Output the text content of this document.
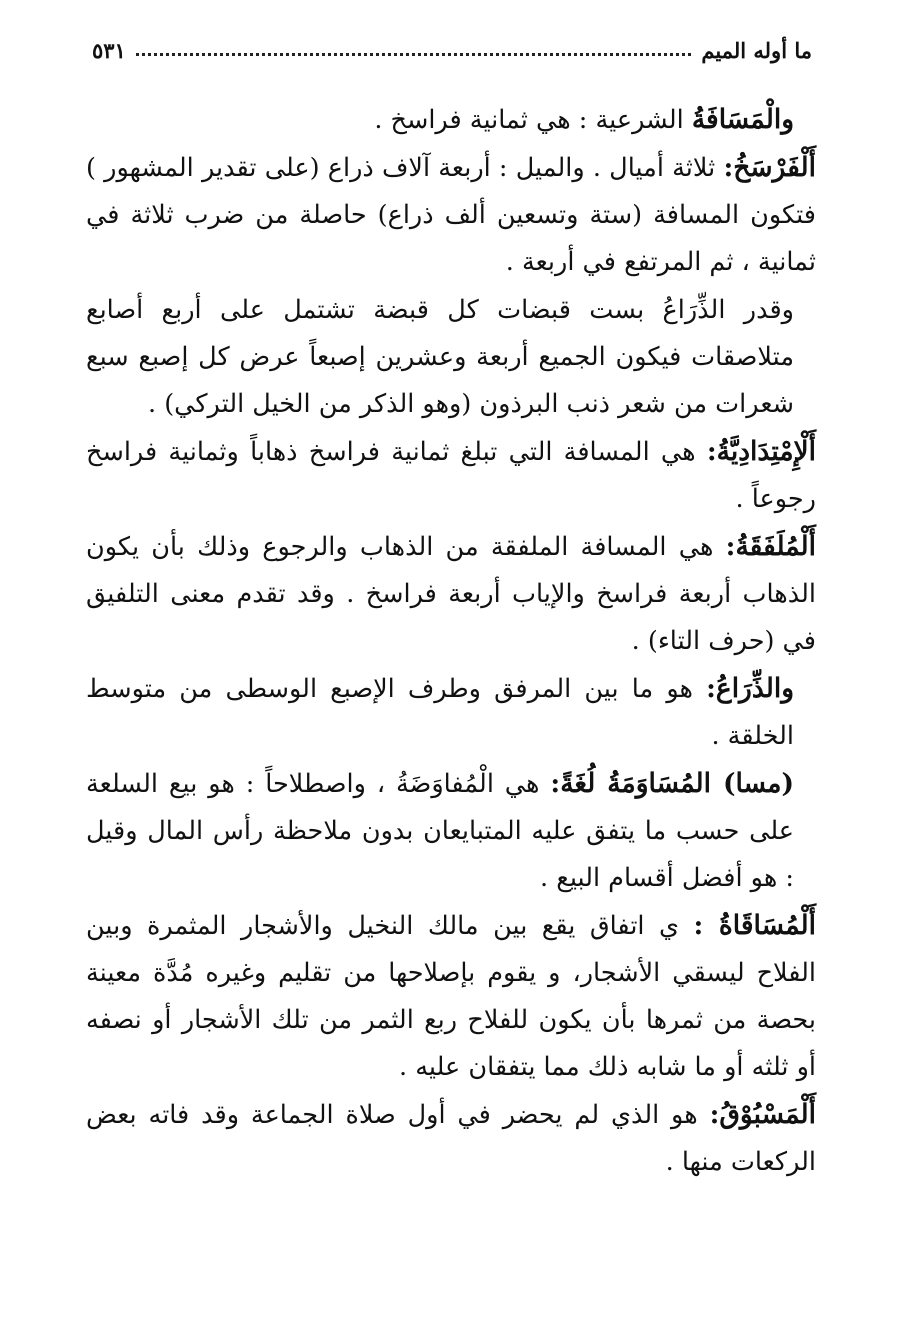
ما أوله الميم
٥٣١

والْمَسَافَةُ الشرعية : هي ثمانية فراسخ .

أَلْفَرْسَخُ: ثلاثة أميال . والميل : أربعة آلاف ذراع (على تقدير المشهور ) فتكون المسافة (ستة وتسعين ألف ذراع) حاصلة من ضرب ثلاثة في ثمانية ، ثم المرتفع في أربعة .

وقدر الذِّرَاعُ بست قبضات كل قبضة تشتمل على أربع أصابع متلاصقات فيكون الجميع أربعة وعشرين إصبعاً عرض كل إصبع سبع شعرات من شعر ذنب البرذون (وهو الذكر من الخيل التركي) .

أَلْإِمْتِدَادِيَّةُ: هي المسافة التي تبلغ ثمانية فراسخ ذهاباً وثمانية فراسخ رجوعاً .

أَلْمُلَفَقَةُ: هي المسافة الملفقة من الذهاب والرجوع وذلك بأن يكون الذهاب أربعة فراسخ والإياب أربعة فراسخ . وقد تقدم معنى التلفيق في (حرف التاء) .

والذِّرَاعُ: هو ما بين المرفق وطرف الإصبع الوسطى من متوسط الخلقة .

(مسا) المُسَاوَمَةُ لُغَةً: هي الْمُفاوَضَةُ ، واصطلاحاً : هو بيع السلعة على حسب ما يتفق عليه المتبايعان بدون ملاحظة رأس المال وقيل : هو أفضل أقسام البيع .

أَلْمُسَاقَاةُ : ي اتفاق يقع بين مالك النخيل والأشجار المثمرة وبين الفلاح ليسقي الأشجار، و يقوم بإصلاحها من تقليم وغيره مُدَّة معينة بحصة من ثمرها بأن يكون للفلاح ربع الثمر من تلك الأشجار أو نصفه أو ثلثه أو ما شابه ذلك مما يتفقان عليه .

أَلْمَسْبُوْقُ: هو الذي لم يحضر في أول صلاة الجماعة وقد فاته بعض الركعات منها .
